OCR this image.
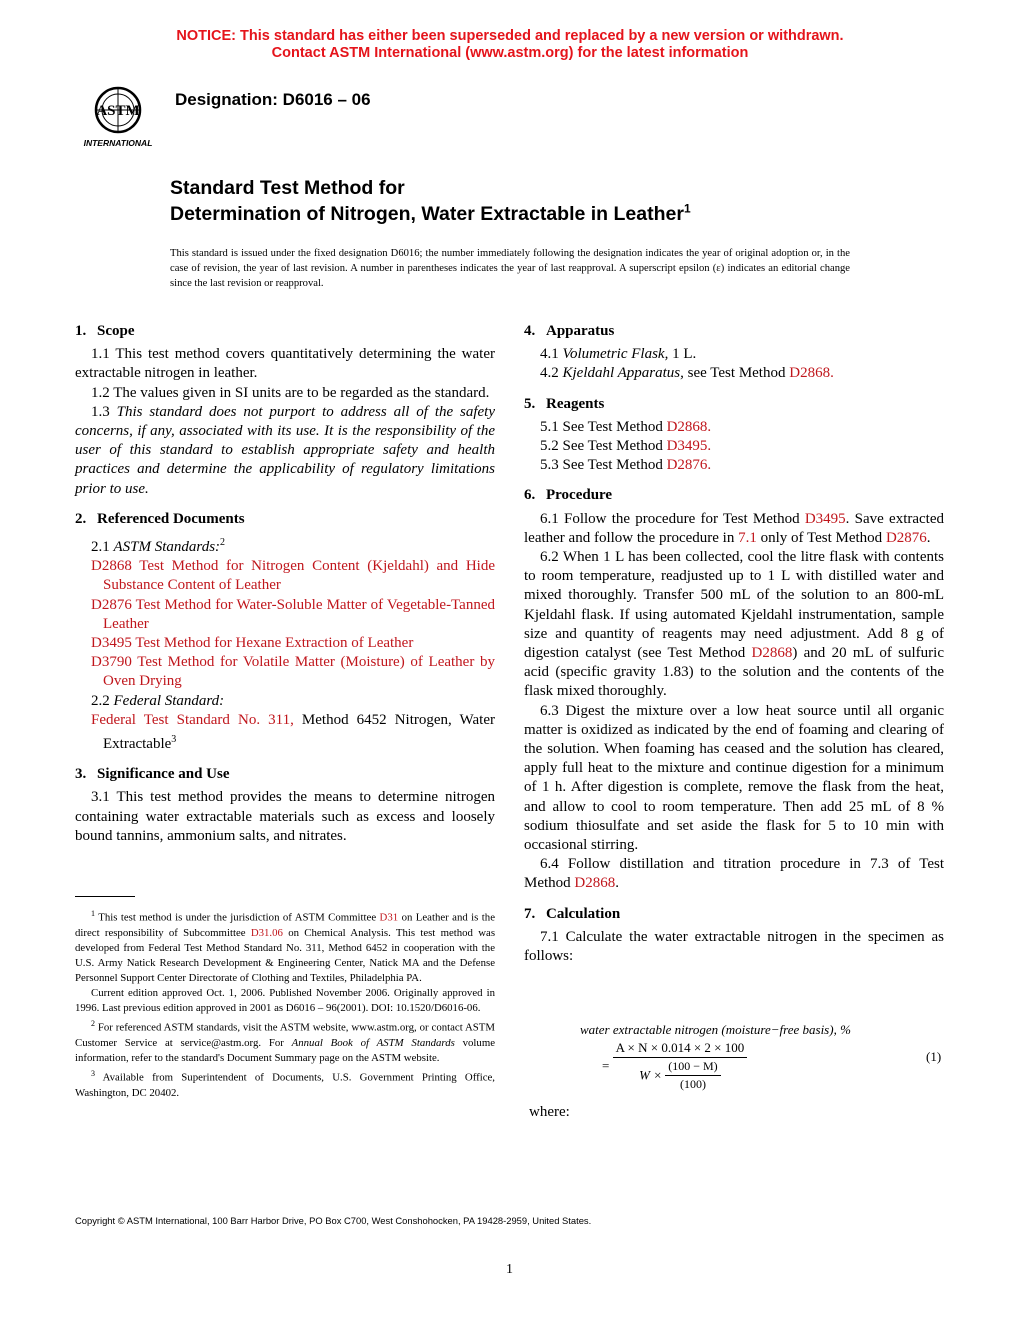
NOTICE: This standard has either been superseded and replaced by a new version or withdrawn.
Contact ASTM International (www.astm.org) for the latest information
ASTM
INTERNATIONAL
Designation: D6016 – 06
Standard Test Method for
Determination of Nitrogen, Water Extractable in Leather$^1$

This standard is issued under the fixed designation D6016; the number immediately following the designation indicates the year of original adoption or, in the case of revision, the year of last revision. A number in parentheses indicates the year of last reapproval. A superscript epsilon (ε) indicates an editorial change since the last revision or reapproval.

1. Scope

1.1 This test method covers quantitatively determining the water extractable nitrogen in leather.

1.2 The values given in SI units are to be regarded as the standard.

1.3 This standard does not purport to address all of the safety concerns, if any, associated with its use. It is the responsibility of the user of this standard to establish appropriate safety and health practices and determine the applicability of regulatory limitations prior to use.

2. Referenced Documents

2.1 ASTM Standards:$^2$

D2868 Test Method for Nitrogen Content (Kjeldahl) and Hide Substance Content of Leather

D2876 Test Method for Water-Soluble Matter of Vegetable-Tanned Leather

D3495 Test Method for Hexane Extraction of Leather

D3790 Test Method for Volatile Matter (Moisture) of Leather by Oven Drying

2.2 Federal Standard:

Federal Test Standard No. 311, Method 6452 Nitrogen, Water Extractable$^3$

3. Significance and Use

3.1 This test method provides the means to determine nitrogen containing water extractable materials such as excess and loosely bound tannins, ammonium salts, and nitrates.

$^1$ This test method is under the jurisdiction of ASTM Committee D31 on Leather and is the direct responsibility of Subcommittee D31.06 on Chemical Analysis. This test method was developed from Federal Test Method Standard No. 311, Method 6452 in cooperation with the U.S. Army Natick Research Development & Engineering Center, Natick MA and the Defense Personnel Support Center Directorate of Clothing and Textiles, Philadelphia PA.

Current edition approved Oct. 1, 2006. Published November 2006. Originally approved in 1996. Last previous edition approved in 2001 as D6016 – 96(2001). DOI: 10.1520/D6016-06.

$^2$ For referenced ASTM standards, visit the ASTM website, www.astm.org, or contact ASTM Customer Service at service@astm.org. For Annual Book of ASTM Standards volume information, refer to the standard's Document Summary page on the ASTM website.

$^3$ Available from Superintendent of Documents, U.S. Government Printing Office, Washington, DC 20402.

4. Apparatus

4.1 Volumetric Flask, 1 L.

4.2 Kjeldahl Apparatus, see Test Method D2868.

5. Reagents

5.1 See Test Method D2868.

5.2 See Test Method D3495.

5.3 See Test Method D2876.

6. Procedure

6.1 Follow the procedure for Test Method D3495. Save extracted leather and follow the procedure in 7.1 only of Test Method D2876.

6.2 When 1 L has been collected, cool the litre flask with contents to room temperature, readjusted up to 1 L with distilled water and mixed thoroughly. Transfer 500 mL of the solution to an 800-mL Kjeldahl flask. If using automated Kjeldahl instrumentation, sample size and quantity of reagents may need adjustment. Add 8 g of digestion catalyst (see Test Method D2868) and 20 mL of sulfuric acid (specific gravity 1.83) to the solution and the contents of the flask mixed thoroughly.

6.3 Digest the mixture over a low heat source until all organic matter is oxidized as indicated by the end of foaming and clearing of the solution. When foaming has ceased and the solution has cleared, apply full heat to the mixture and continue digestion for a minimum of 1 h. After digestion is complete, remove the flask from the heat, and allow to cool to room temperature. Then add 25 mL of 8 % sodium thiosulfate and set aside the flask for 5 to 10 min with occasional stirring.

6.4 Follow distillation and titration procedure in 7.3 of Test Method D2868.

7. Calculation

7.1 Calculate the water extractable nitrogen in the specimen as follows:

water extractable nitrogen (moisture−free basis), %
= $\frac{A \times N \times 0.014 \times 2 \times 100}{W \times \frac{(100 - M)}{(100)}}$	(1)
where:
Copyright © ASTM International, 100 Barr Harbor Drive, PO Box C700, West Conshohocken, PA 19428-2959, United States.
1
